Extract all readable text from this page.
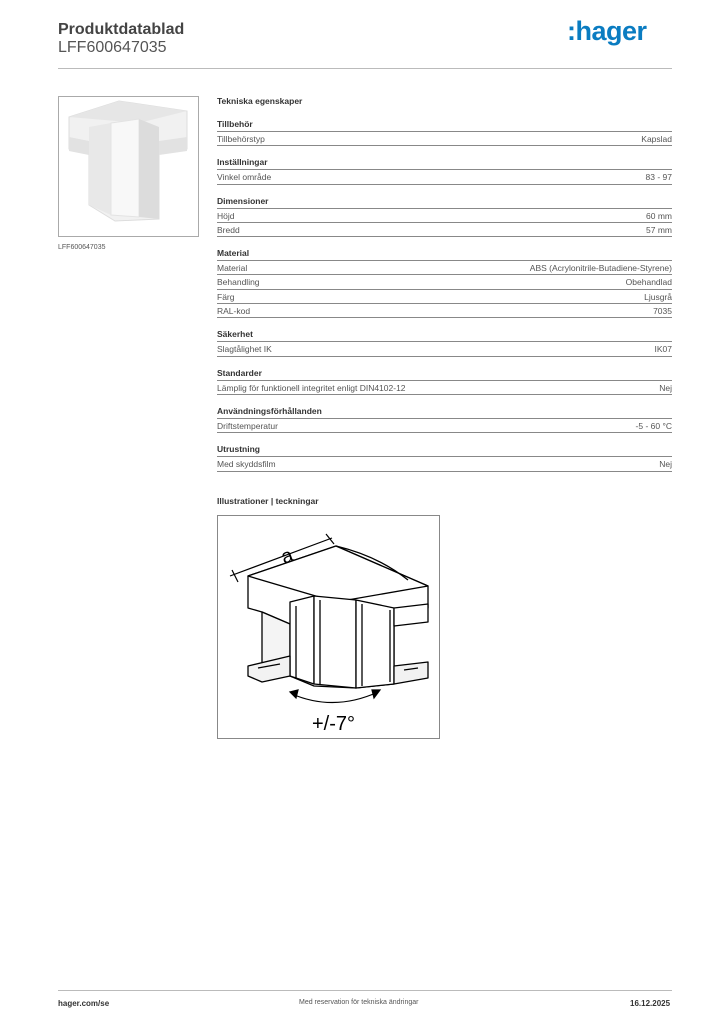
Produktdatablad
LFF600647035
:hager
LFF600647035
Tekniska egenskaper
Tillbehör
Tillbehörstyp	Kapslad
Inställningar
Vinkel område	83 - 97
Dimensioner
Höjd	60 mm
Bredd	57 mm
Material
Material	ABS (Acrylonitrile-Butadiene-Styrene)
Behandling	Obehandlad
Färg	Ljusgrå
RAL-kod	7035
Säkerhet
Slagtålighet IK	IK07
Standarder
Lämplig för funktionell integritet enligt DIN4102-12	Nej
Användningsförhållanden
Driftstemperatur	-5 - 60 °C
Utrustning
Med skyddsfilm	Nej
Illustrationer | teckningar
a
+/-7°
hager.com/se	Med reservation för tekniska ändringar	16.12.2025
